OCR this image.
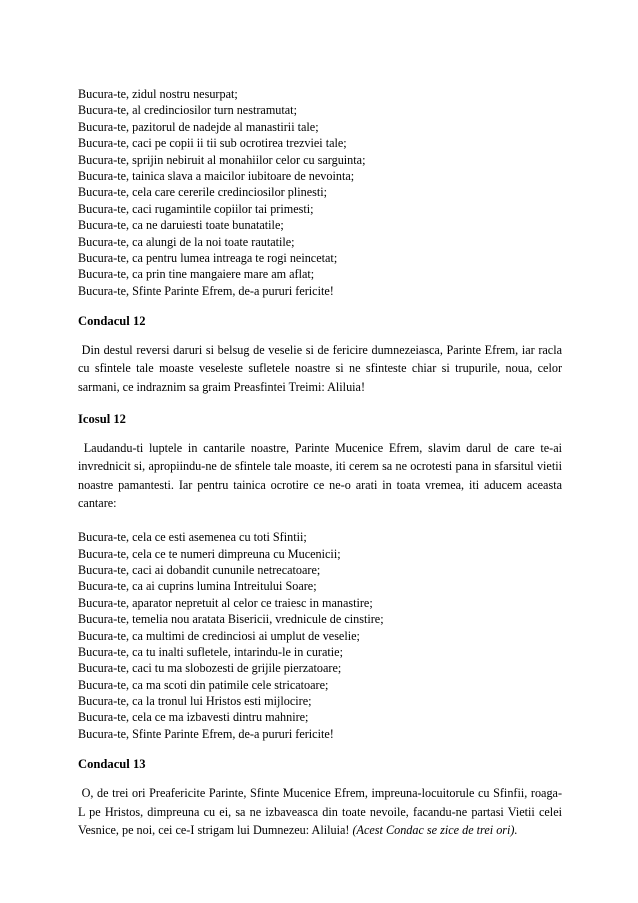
Bucura-te, zidul nostru nesurpat;
Bucura-te, al credinciosilor turn nestramutat;
Bucura-te, pazitorul de nadejde al manastirii tale;
Bucura-te, caci pe copii ii tii sub ocrotirea trezviei tale;
Bucura-te, sprijin nebiruit al monahiilor celor cu sarguinta;
Bucura-te, tainica slava a maicilor iubitoare de nevointa;
Bucura-te, cela care cererile credinciosilor plinesti;
Bucura-te, caci rugamintile copiilor tai primesti;
Bucura-te, ca ne daruiesti toate bunatatile;
Bucura-te, ca alungi de la noi toate rautatile;
Bucura-te, ca pentru lumea intreaga te rogi neincetat;
Bucura-te, ca prin tine mangaiere mare am aflat;
Bucura-te, Sfinte Parinte Efrem, de-a pururi fericite!
Condacul 12
Din destul reversi daruri si belsug de veselie si de fericire dumnezeiasca, Parinte Efrem, iar racla cu sfintele tale moaste veseleste sufletele noastre si ne sfinteste chiar si trupurile, noua, celor sarmani, ce indraznim sa graim Preasfintei Treimi: Aliluia!
Icosul 12
Laudandu-ti luptele in cantarile noastre, Parinte Mucenice Efrem, slavim darul de care te-ai invrednicit si, apropiindu-ne de sfintele tale moaste, iti cerem sa ne ocrotesti pana in sfarsitul vietii noastre pamantesti. Iar pentru tainica ocrotire ce ne-o arati in toata vremea, iti aducem aceasta cantare:
Bucura-te, cela ce esti asemenea cu toti Sfintii;
Bucura-te, cela ce te numeri dimpreuna cu Mucenicii;
Bucura-te, caci ai dobandit cununile netrecatoare;
Bucura-te, ca ai cuprins lumina Intreitului Soare;
Bucura-te, aparator nepretuit al celor ce traiesc in manastire;
Bucura-te, temelia nou aratata Bisericii, vrednicule de cinstire;
Bucura-te, ca multimi de credinciosi ai umplut de veselie;
Bucura-te, ca tu inalti sufletele, intarindu-le in curatie;
Bucura-te, caci tu ma slobozesti de grijile pierzatoare;
Bucura-te, ca ma scoti din patimile cele stricatoare;
Bucura-te, ca la tronul lui Hristos esti mijlocire;
Bucura-te, cela ce ma izbavesti dintru mahnire;
Bucura-te, Sfinte Parinte Efrem, de-a pururi fericite!
Condacul 13
O, de trei ori Preafericite Parinte, Sfinte Mucenice Efrem, impreuna-locuitorule cu Sfinfii, roaga-L pe Hristos, dimpreuna cu ei, sa ne izbaveasca din toate nevoile, facandu-ne partasi Vietii celei Vesnice, pe noi, cei ce-I strigam lui Dumnezeu: Aliluia! (Acest Condac se zice de trei ori).
